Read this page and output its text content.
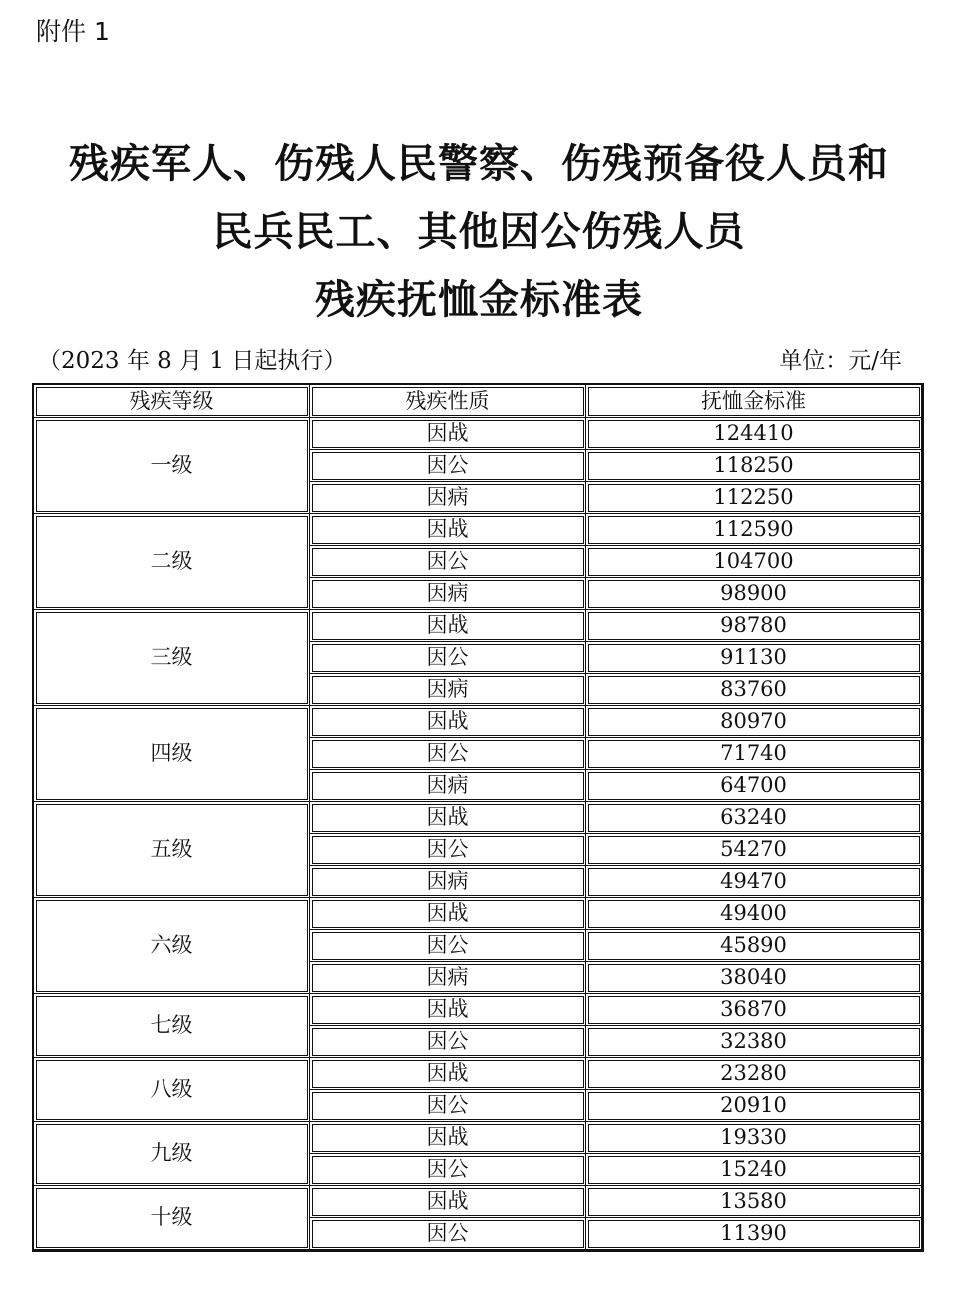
附件 1
残疾军人、伤残人民警察、伤残预备役人员和
民兵民工、其他因公伤残人员
残疾抚恤金标准表
（2023 年 8 月 1 日起执行）	单位：元/年
残疾等级	残疾性质	抚恤金标准
一级	因战	124410
	因公	118250
	因病	112250
二级	因战	112590
	因公	104700
	因病	98900
三级	因战	98780
	因公	91130
	因病	83760
四级	因战	80970
	因公	71740
	因病	64700
五级	因战	63240
	因公	54270
	因病	49470
六级	因战	49400
	因公	45890
	因病	38040
七级	因战	36870
	因公	32380
八级	因战	23280
	因公	20910
九级	因战	19330
	因公	15240
十级	因战	13580
	因公	11390
